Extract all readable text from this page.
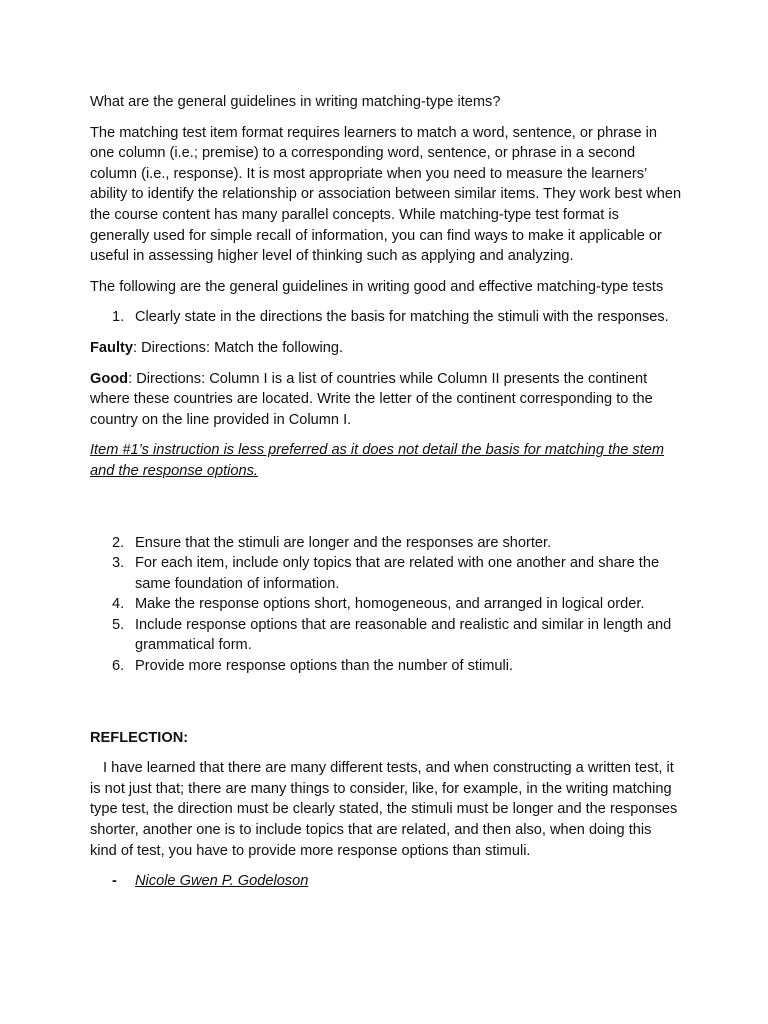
What are the general guidelines in writing matching-type items?

The matching test item format requires learners to match a word, sentence, or phrase in one column (i.e.; premise) to a corresponding word, sentence, or phrase in a second column (i.e., response). It is most appropriate when you need to measure the learners’ ability to identify the relationship or association between similar items. They work best when the course content has many parallel concepts. While matching-type test format is generally used for simple recall of information, you can find ways to make it applicable or useful in assessing higher level of thinking such as applying and analyzing.

The following are the general guidelines in writing good and effective matching-type tests

1. Clearly state in the directions the basis for matching the stimuli with the responses.

Faulty: Directions: Match the following.

Good: Directions: Column I is a list of countries while Column II presents the continent where these countries are located. Write the letter of the continent corresponding to the country on the line provided in Column I.

Item #1’s instruction is less preferred as it does not detail the basis for matching the stem and the response options.

2. Ensure that the stimuli are longer and the responses are shorter.
3. For each item, include only topics that are related with one another and share the same foundation of information.
4. Make the response options short, homogeneous, and arranged in logical order.
5. Include response options that are reasonable and realistic and similar in length and grammatical form.
6. Provide more response options than the number of stimuli.

REFLECTION:

I have learned that there are many different tests, and when constructing a written test, it is not just that; there are many things to consider, like, for example, in the writing matching type test, the direction must be clearly stated, the stimuli must be longer and the responses shorter, another one is to include topics that are related, and then also, when doing this kind of test, you have to provide more response options than stimuli.

- Nicole Gwen P. Godeloson
